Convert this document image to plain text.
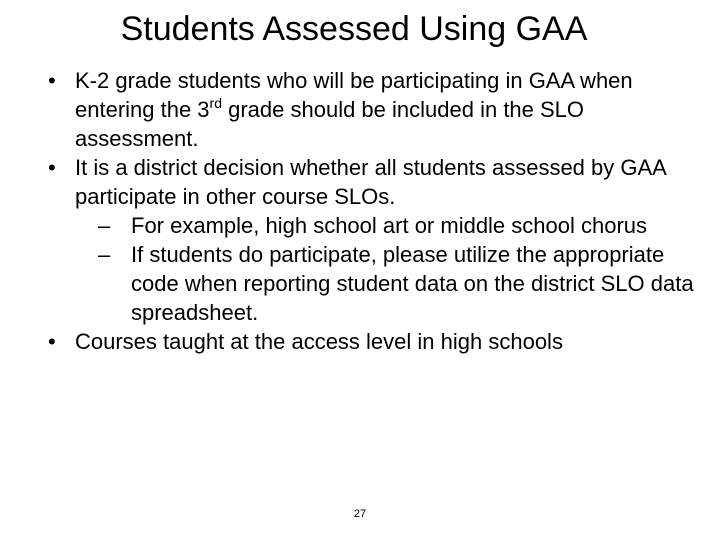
Students Assessed Using GAA
• K-2 grade students who will be participating in GAA when entering the 3rd grade should be included in the SLO assessment.
• It is a district decision whether all students assessed by GAA participate in other course SLOs.
– For example, high school art or middle school chorus
– If students do participate, please utilize the appropriate code when reporting student data on the district SLO data spreadsheet.
• Courses taught at the access level in high schools
27
